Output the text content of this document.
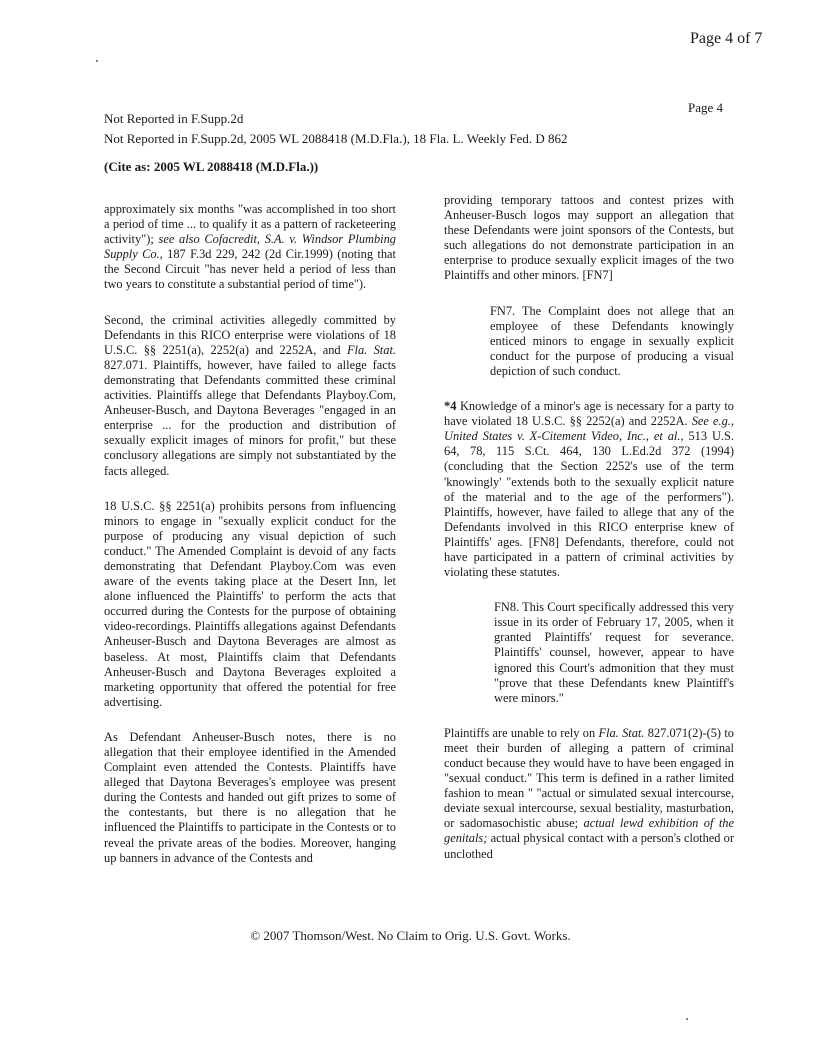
Page 4 of 7
Page 4
Not Reported in F.Supp.2d
Not Reported in F.Supp.2d, 2005 WL 2088418 (M.D.Fla.), 18 Fla. L. Weekly Fed. D 862
(Cite as: 2005 WL 2088418 (M.D.Fla.))

approximately six months "was accomplished in too short a period of time ... to qualify it as a pattern of racketeering activity"); see also Cofacredit, S.A. v. Windsor Plumbing Supply Co., 187 F.3d 229, 242 (2d Cir.1999) (noting that the Second Circuit "has never held a period of less than two years to constitute a substantial period of time").

Second, the criminal activities allegedly committed by Defendants in this RICO enterprise were violations of 18 U.S.C. §§ 2251(a), 2252(a) and 2252A, and Fla. Stat. 827.071. Plaintiffs, however, have failed to allege facts demonstrating that Defendants committed these criminal activities. Plaintiffs allege that Defendants Playboy.Com, Anheuser-Busch, and Daytona Beverages "engaged in an enterprise ... for the production and distribution of sexually explicit images of minors for profit," but these conclusory allegations are simply not substantiated by the facts alleged.

18 U.S.C. §§ 2251(a) prohibits persons from influencing minors to engage in "sexually explicit conduct for the purpose of producing any visual depiction of such conduct." The Amended Complaint is devoid of any facts demonstrating that Defendant Playboy.Com was even aware of the events taking place at the Desert Inn, let alone influenced the Plaintiffs' to perform the acts that occurred during the Contests for the purpose of obtaining video-recordings. Plaintiffs allegations against Defendants Anheuser-Busch and Daytona Beverages are almost as baseless. At most, Plaintiffs claim that Defendants Anheuser-Busch and Daytona Beverages exploited a marketing opportunity that offered the potential for free advertising.

As Defendant Anheuser-Busch notes, there is no allegation that their employee identified in the Amended Complaint even attended the Contests. Plaintiffs have alleged that Daytona Beverages's employee was present during the Contests and handed out gift prizes to some of the contestants, but there is no allegation that he influenced the Plaintiffs to participate in the Contests or to reveal the private areas of the bodies. Moreover, hanging up banners in advance of the Contests and

providing temporary tattoos and contest prizes with Anheuser-Busch logos may support an allegation that these Defendants were joint sponsors of the Contests, but such allegations do not demonstrate participation in an enterprise to produce sexually explicit images of the two Plaintiffs and other minors. [FN7]

FN7. The Complaint does not allege that an employee of these Defendants knowingly enticed minors to engage in sexually explicit conduct for the purpose of producing a visual depiction of such conduct.

*4 Knowledge of a minor's age is necessary for a party to have violated 18 U.S.C. §§ 2252(a) and 2252A. See e.g., United States v. X-Citement Video, Inc., et al., 513 U.S. 64, 78, 115 S.Ct. 464, 130 L.Ed.2d 372 (1994) (concluding that the Section 2252's use of the term 'knowingly' "extends both to the sexually explicit nature of the material and to the age of the performers"). Plaintiffs, however, have failed to allege that any of the Defendants involved in this RICO enterprise knew of Plaintiffs' ages. [FN8] Defendants, therefore, could not have participated in a pattern of criminal activities by violating these statutes.

FN8. This Court specifically addressed this very issue in its order of February 17, 2005, when it granted Plaintiffs' request for severance. Plaintiffs' counsel, however, appear to have ignored this Court's admonition that they must "prove that these Defendants knew Plaintiff's were minors."

Plaintiffs are unable to rely on Fla. Stat. 827.071(2)-(5) to meet their burden of alleging a pattern of criminal conduct because they would have to have been engaged in "sexual conduct." This term is defined in a rather limited fashion to mean " "actual or simulated sexual intercourse, deviate sexual intercourse, sexual bestiality, masturbation, or sadomasochistic abuse; actual lewd exhibition of the genitals; actual physical contact with a person's clothed or unclothed

© 2007 Thomson/West. No Claim to Orig. U.S. Govt. Works.
